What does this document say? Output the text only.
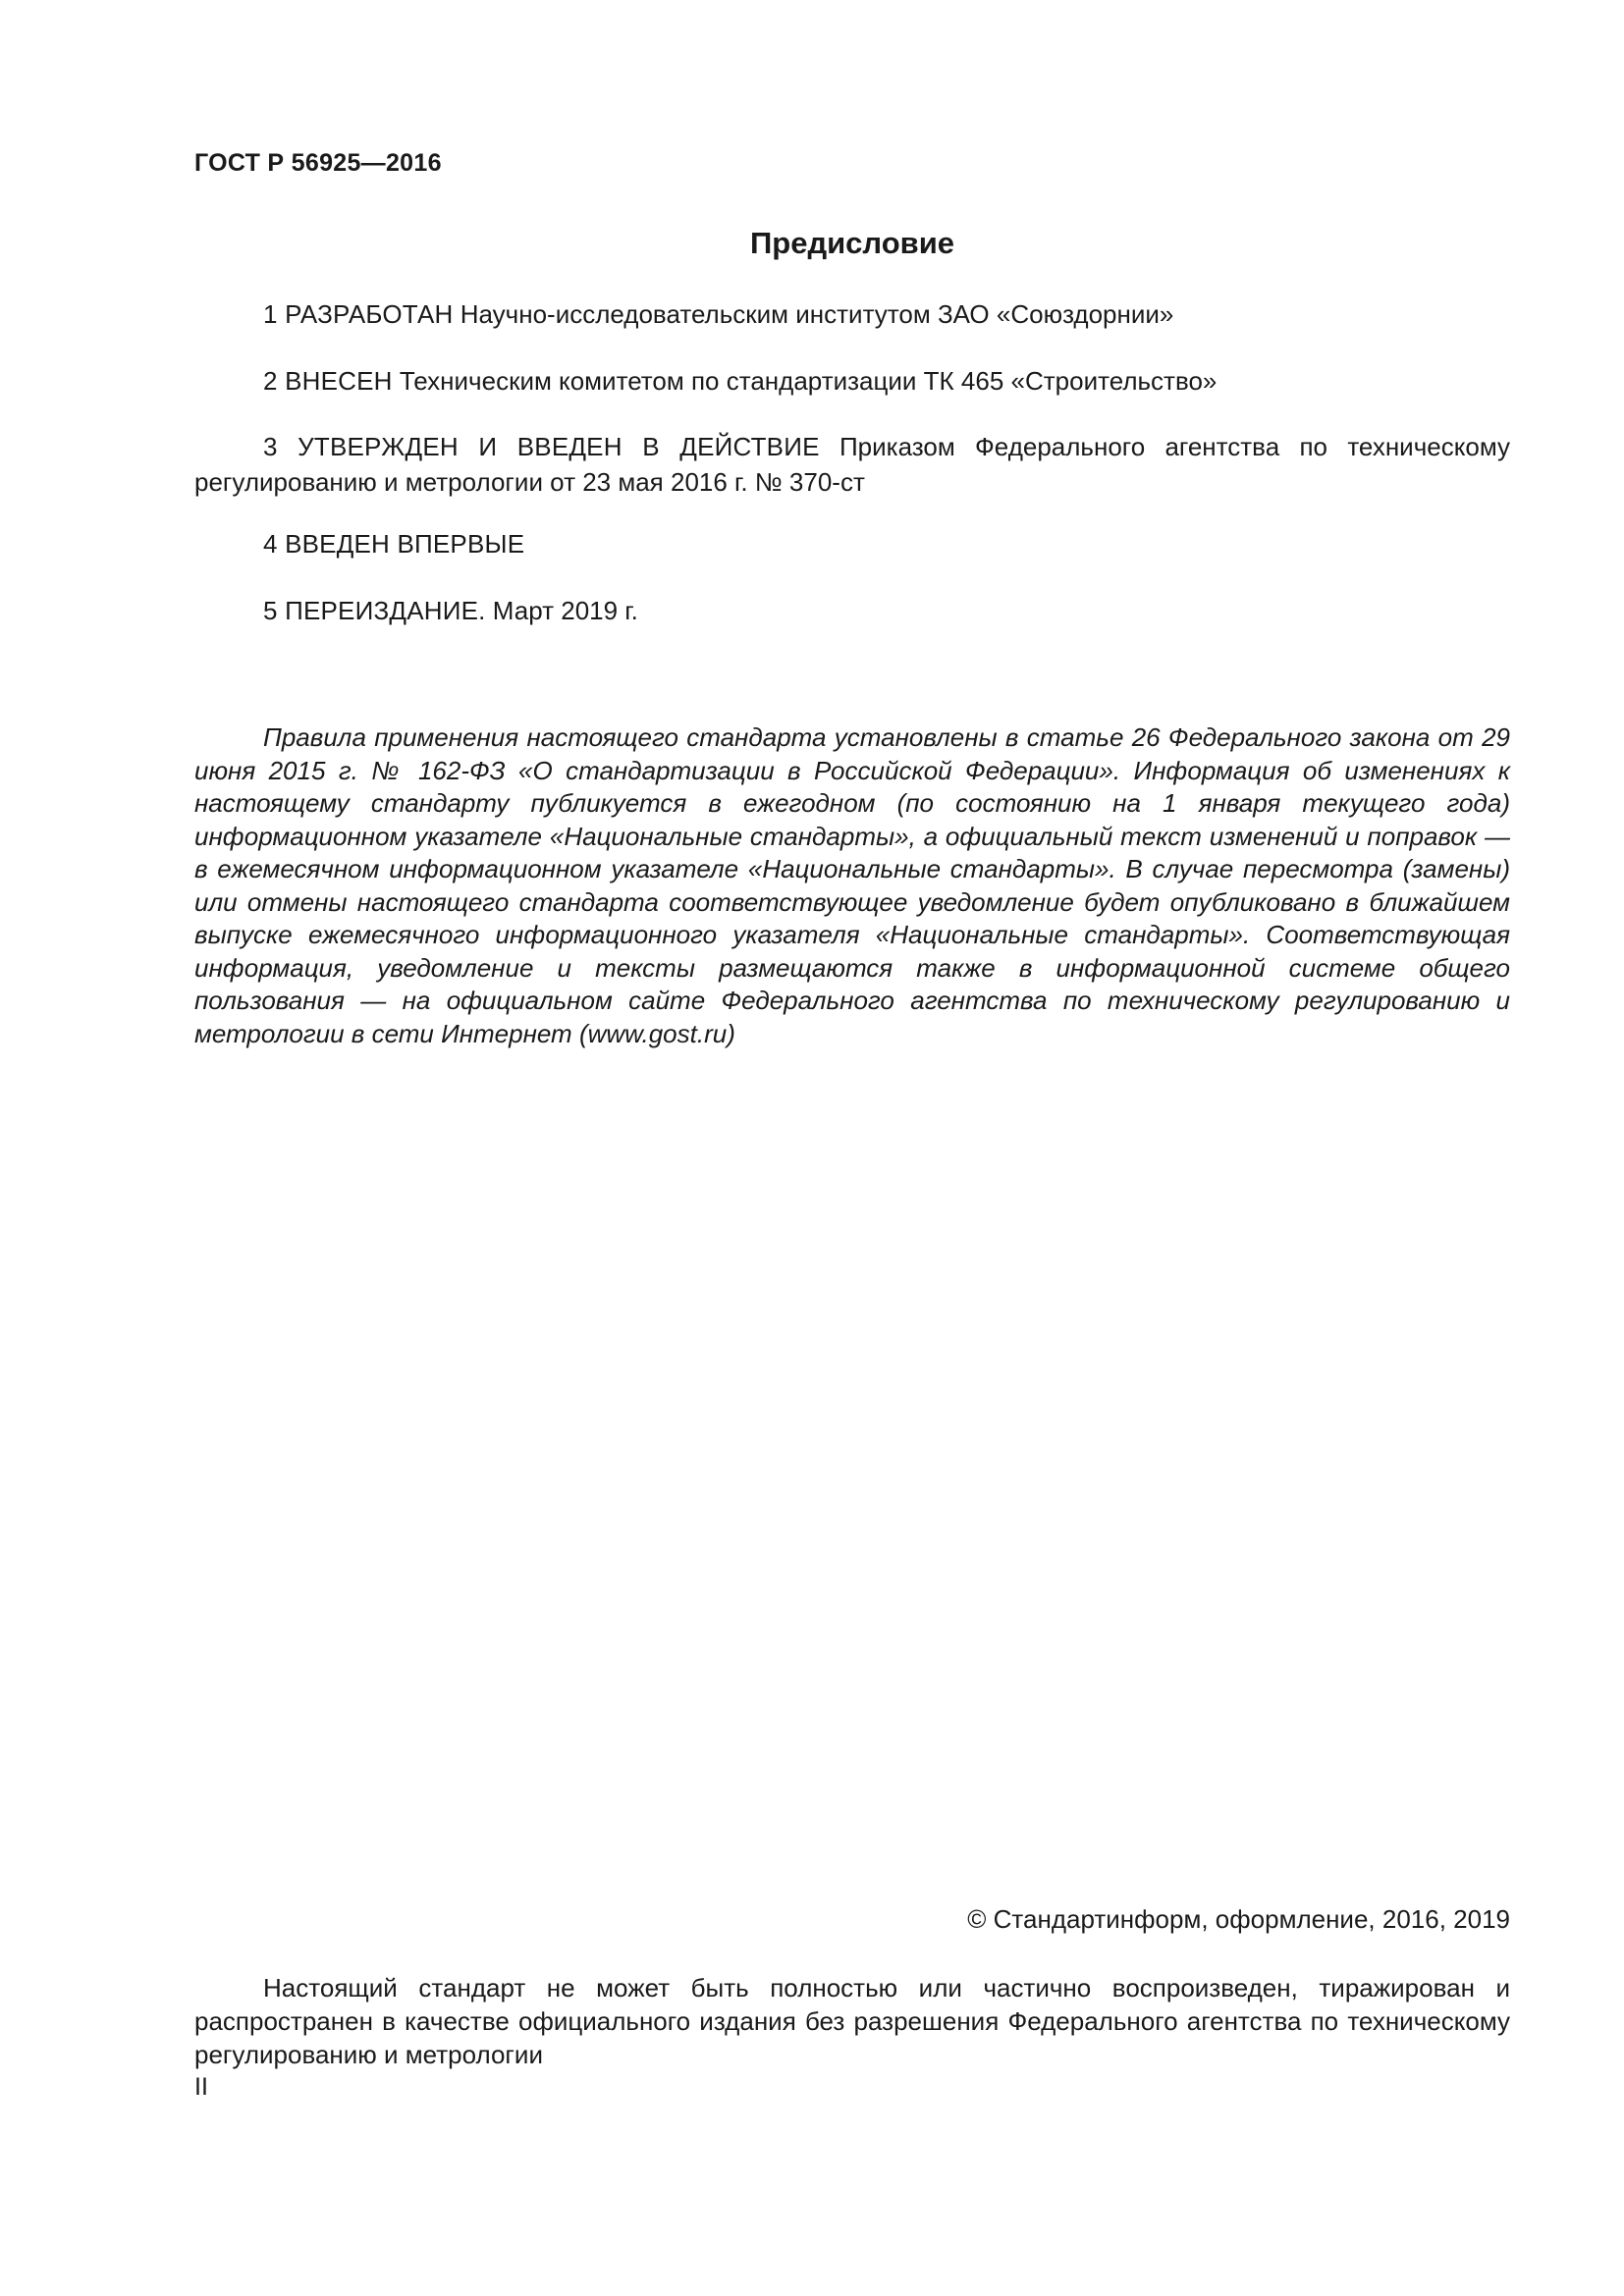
ГОСТ Р 56925—2016
Предисловие
1 РАЗРАБОТАН Научно-исследовательским институтом ЗАО «Союздорнии»
2 ВНЕСЕН Техническим комитетом по стандартизации ТК 465 «Строительство»
3 УТВЕРЖДЕН И ВВЕДЕН В ДЕЙСТВИЕ Приказом Федерального агентства по техническому регулированию и метрологии от 23 мая 2016 г. № 370-ст
4 ВВЕДЕН ВПЕРВЫЕ
5 ПЕРЕИЗДАНИЕ. Март 2019 г.
Правила применения настоящего стандарта установлены в статье 26 Федерального закона от 29 июня 2015 г. № 162-ФЗ «О стандартизации в Российской Федерации». Информация об изменениях к настоящему стандарту публикуется в ежегодном (по состоянию на 1 января текущего года) информационном указателе «Национальные стандарты», а официальный текст изменений и поправок — в ежемесячном информационном указателе «Национальные стандарты». В случае пересмотра (замены) или отмены настоящего стандарта соответствующее уведомление будет опубликовано в ближайшем выпуске ежемесячного информационного указателя «Национальные стандарты». Соответствующая информация, уведомление и тексты размещаются также в информационной системе общего пользования — на официальном сайте Федерального агентства по техническому регулированию и метрологии в сети Интернет (www.gost.ru)
© Стандартинформ, оформление, 2016, 2019
Настоящий стандарт не может быть полностью или частично воспроизведен, тиражирован и распространен в качестве официального издания без разрешения Федерального агентства по техническому регулированию и метрологии
II
